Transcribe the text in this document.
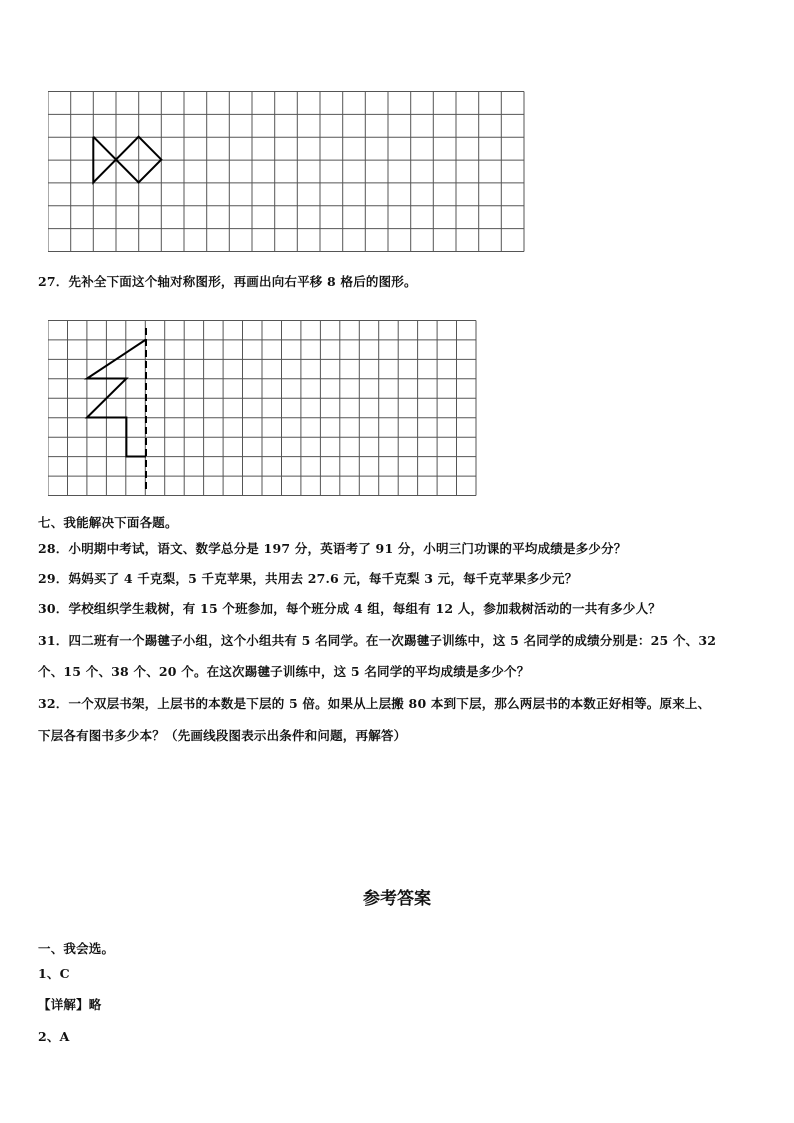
27．先补全下面这个轴对称图形，再画出向右平移 8 格后的图形。
七、我能解决下面各题。
28．小明期中考试，语文、数学总分是 197 分，英语考了 91 分，小明三门功课的平均成绩是多少分？
29．妈妈买了 4 千克梨，5 千克苹果，共用去 27.6 元，每千克梨 3 元，每千克苹果多少元？
30．学校组织学生栽树，有 15 个班参加，每个班分成 4 组，每组有 12 人，参加栽树活动的一共有多少人？
31．四二班有一个踢毽子小组，这个小组共有 5 名同学。在一次踢毽子训练中，这 5 名同学的成绩分别是：25 个、32
个、15 个、38 个、20 个。在这次踢毽子训练中，这 5 名同学的平均成绩是多少个？
32．一个双层书架，上层书的本数是下层的 5 倍。如果从上层搬 80 本到下层，那么两层书的本数正好相等。原来上、
下层各有图书多少本？（先画线段图表示出条件和问题，再解答）
参考答案
一、我会选。
1、C
【详解】略
2、A
